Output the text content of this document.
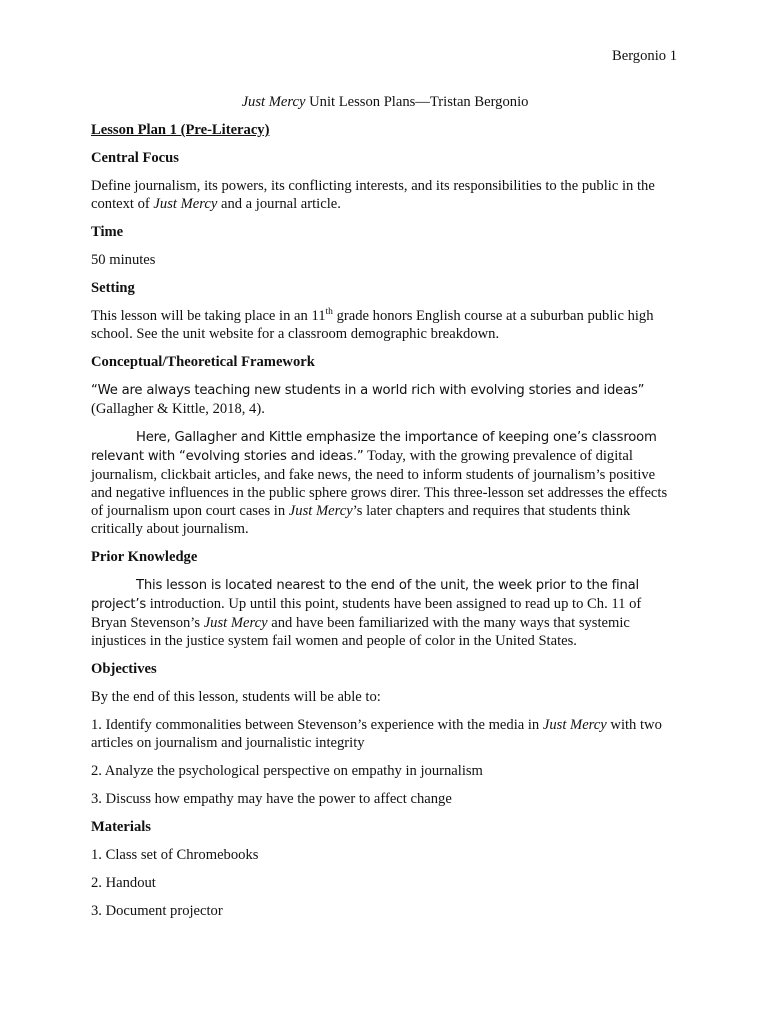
Bergonio 1
Just Mercy Unit Lesson Plans—Tristan Bergonio
Lesson Plan 1 (Pre-Literacy)
Central Focus

Define journalism, its powers, its conflicting interests, and its responsibilities to the public in the context of Just Mercy and a journal article.

Time

50 minutes

Setting

This lesson will be taking place in an 11th grade honors English course at a suburban public high school. See the unit website for a classroom demographic breakdown.

Conceptual/Theoretical Framework

“We are always teaching new students in a world rich with evolving stories and ideas” (Gallagher & Kittle, 2018, 4).

Here, Gallagher and Kittle emphasize the importance of keeping one’s classroom relevant with “evolving stories and ideas.” Today, with the growing prevalence of digital journalism, clickbait articles, and fake news, the need to inform students of journalism’s positive and negative influences in the public sphere grows direr. This three-lesson set addresses the effects of journalism upon court cases in Just Mercy’s later chapters and requires that students think critically about journalism.

Prior Knowledge

This lesson is located nearest to the end of the unit, the week prior to the final project’s introduction. Up until this point, students have been assigned to read up to Ch. 11 of Bryan Stevenson’s Just Mercy and have been familiarized with the many ways that systemic injustices in the justice system fail women and people of color in the United States.

Objectives

By the end of this lesson, students will be able to:

1. Identify commonalities between Stevenson’s experience with the media in Just Mercy with two articles on journalism and journalistic integrity

2. Analyze the psychological perspective on empathy in journalism

3. Discuss how empathy may have the power to affect change

Materials

1. Class set of Chromebooks

2. Handout

3. Document projector
